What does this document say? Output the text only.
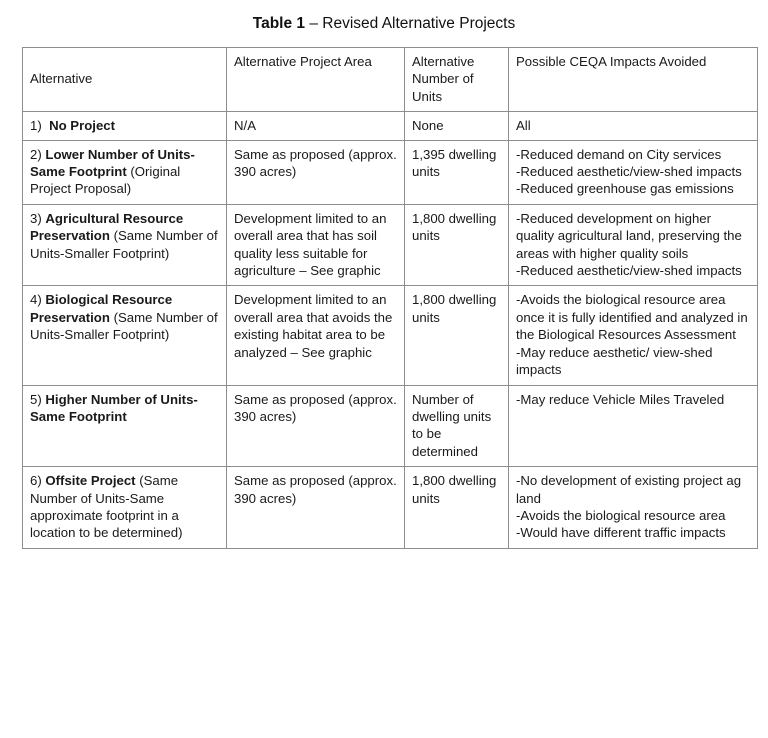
Table 1 – Revised Alternative Projects
Alternative	Alternative Project Area	Alternative Number of Units	Possible CEQA Impacts Avoided
1) No Project	N/A	None	All

2) Lower Number of Units-Same Footprint (Original Project Proposal)	Same as proposed (approx. 390 acres)	1,395 dwelling units	-Reduced demand on City services
-Reduced aesthetic/view-shed impacts
-Reduced greenhouse gas emissions

3) Agricultural Resource Preservation (Same Number of Units-Smaller Footprint)	Development limited to an overall area that has soil quality less suitable for agriculture – See graphic	1,800 dwelling units	-Reduced development on higher quality agricultural land, preserving the areas with higher quality soils
-Reduced aesthetic/view-shed impacts

4) Biological Resource Preservation (Same Number of Units-Smaller Footprint)	Development limited to an overall area that avoids the existing habitat area to be analyzed – See graphic	1,800 dwelling units	-Avoids the biological resource area once it is fully identified and analyzed in the Biological Resources Assessment
-May reduce aesthetic/ view-shed impacts

5) Higher Number of Units-Same Footprint	Same as proposed (approx. 390 acres)	Number of dwelling units to be determined	-May reduce Vehicle Miles Traveled

6) Offsite Project (Same Number of Units-Same approximate footprint in a location to be determined)	Same as proposed (approx. 390 acres)	1,800 dwelling units	-No development of existing project ag land
-Avoids the biological resource area
-Would have different traffic impacts
